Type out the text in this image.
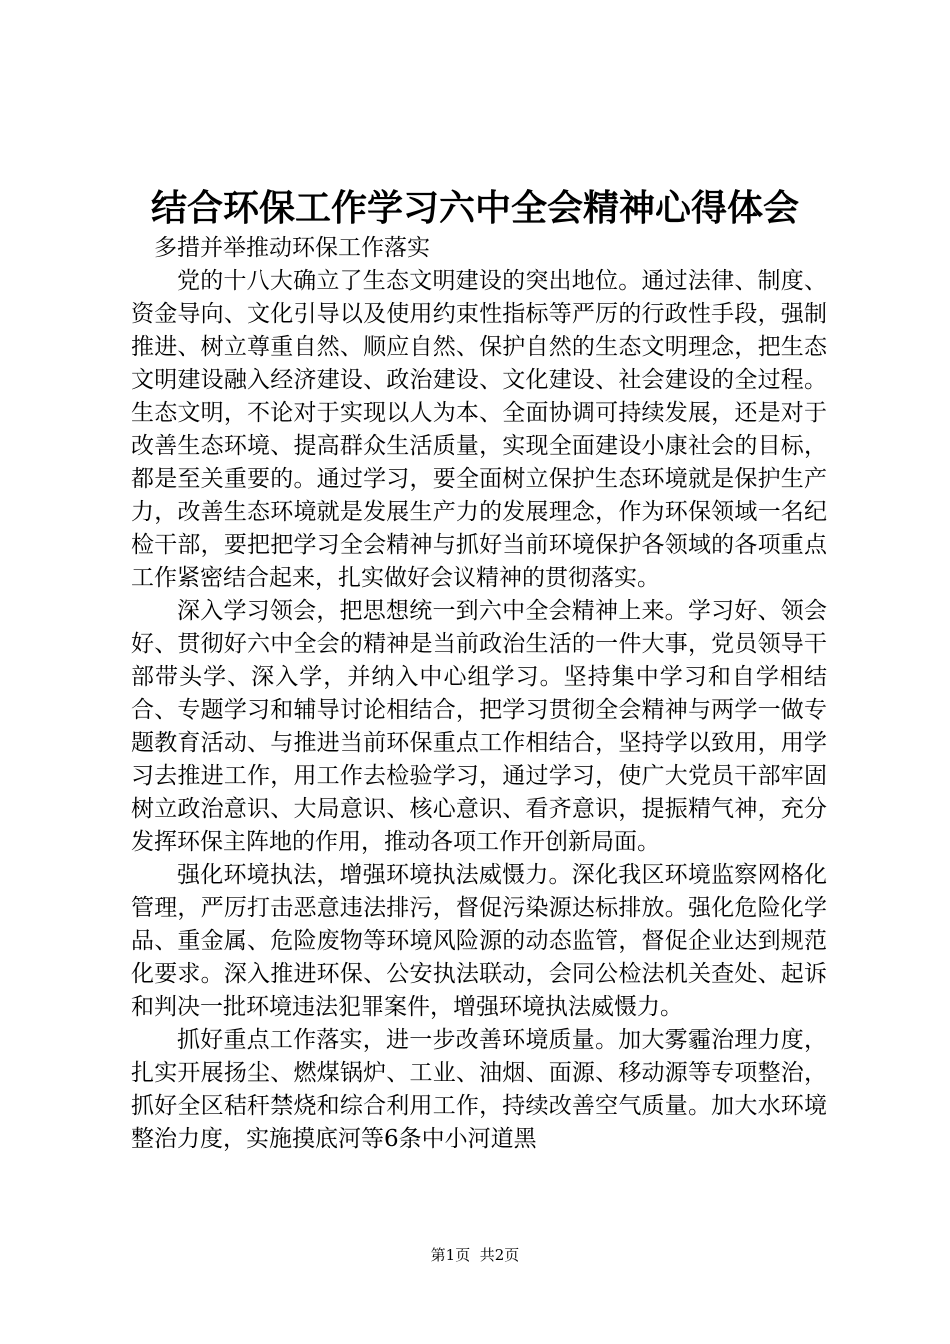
结合环保工作学习六中全会精神心得体会

多措并举推动环保工作落实

党的十八大确立了生态文明建设的突出地位。通过法律、制度、资金导向、文化引导以及使用约束性指标等严厉的行政性手段，强制推进、树立尊重自然、顺应自然、保护自然的生态文明理念，把生态文明建设融入经济建设、政治建设、文化建设、社会建设的全过程。生态文明，不论对于实现以人为本、全面协调可持续发展，还是对于改善生态环境、提高群众生活质量，实现全面建设小康社会的目标，都是至关重要的。通过学习，要全面树立保护生态环境就是保护生产力，改善生态环境就是发展生产力的发展理念，作为环保领域一名纪检干部，要把把学习全会精神与抓好当前环境保护各领域的各项重点工作紧密结合起来，扎实做好会议精神的贯彻落实。

深入学习领会，把思想统一到六中全会精神上来。学习好、领会好、贯彻好六中全会的精神是当前政治生活的一件大事，党员领导干部带头学、深入学，并纳入中心组学习。坚持集中学习和自学相结合、专题学习和辅导讨论相结合，把学习贯彻全会精神与两学一做专题教育活动、与推进当前环保重点工作相结合，坚持学以致用，用学习去推进工作，用工作去检验学习，通过学习，使广大党员干部牢固树立政治意识、大局意识、核心意识、看齐意识，提振精气神，充分发挥环保主阵地的作用，推动各项工作开创新局面。

强化环境执法，增强环境执法威慑力。深化我区环境监察网格化管理，严厉打击恶意违法排污，督促污染源达标排放。强化危险化学品、重金属、危险废物等环境风险源的动态监管，督促企业达到规范化要求。深入推进环保、公安执法联动，会同公检法机关查处、起诉和判决一批环境违法犯罪案件，增强环境执法威慑力。

抓好重点工作落实，进一步改善环境质量。加大雾霾治理力度，扎实开展扬尘、燃煤锅炉、工业、油烟、面源、移动源等专项整治，抓好全区秸秆禁烧和综合利用工作，持续改善空气质量。加大水环境整治力度，实施摸底河等6条中小河道黑

第1页 共2页
